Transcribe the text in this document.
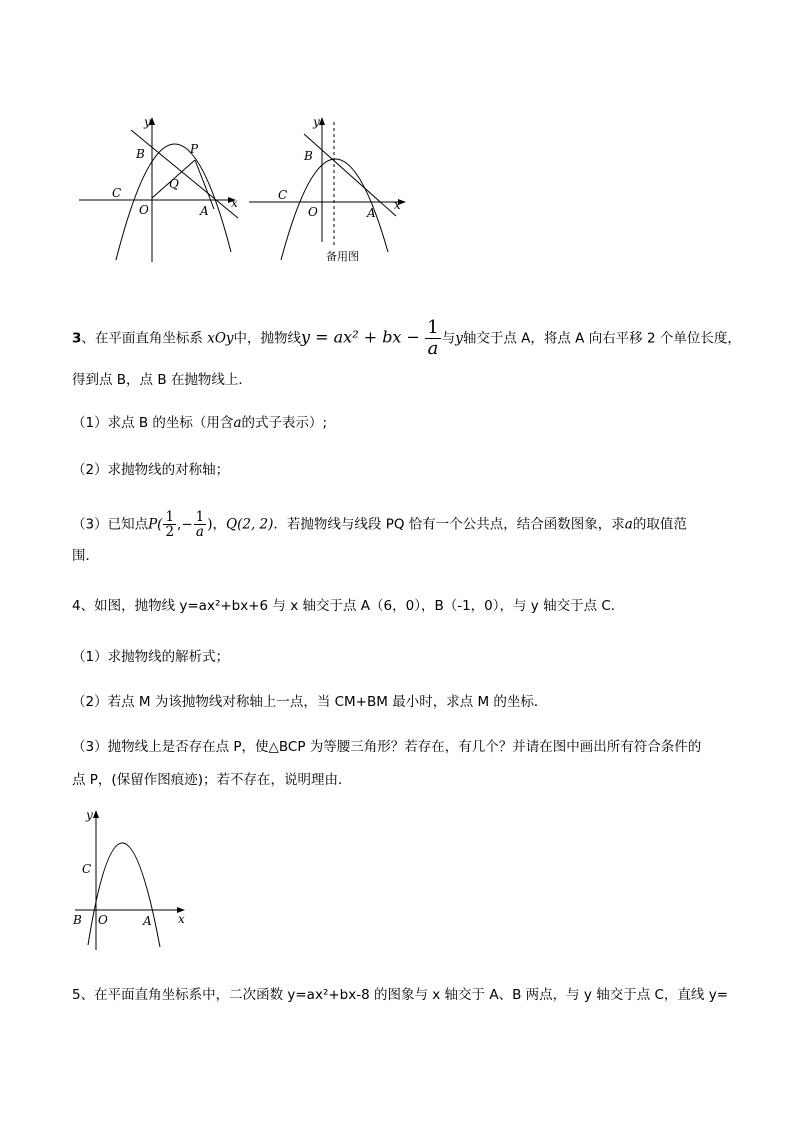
y
x
B	P
C
Q
O	A
y
x
B
C
O	A
备用图
3、在平面直角坐标系 xOy中，抛物线y = ax² + bx − $\frac{1}{a}$ 与y轴交于点 A，将点 A 向右平移 2 个单位长度，
得到点 B，点 B 在抛物线上．
（1）求点 B 的坐标（用含a的式子表示）;
（2）求抛物线的对称轴；
（3）已知点$P( \frac{1}{2}$ ,− $\frac{1}{a}$ )，Q(2, 2)．若抛物线与线段 PQ 恰有一个公共点，结合函数图象，求a的取值范
围．
4、如图，抛物线 y=ax²+bx+6 与 x 轴交于点 A（6，0），B（-1，0），与 y 轴交于点 C．
（1）求抛物线的解析式；
（2）若点 M 为该抛物线对称轴上一点，当 CM+BM 最小时，求点 M 的坐标．
（3）抛物线上是否存在点 P，使△BCP 为等腰三角形？若存在，有几个？并请在图中画出所有符合条件的
点 P，(保留作图痕迹)；若不存在，说明理由．
y
C
B O	A x
5、在平面直角坐标系中，二次函数 y=ax²+bx-8 的图象与 x 轴交于 A、B 两点，与 y 轴交于点 C，直线 y=
